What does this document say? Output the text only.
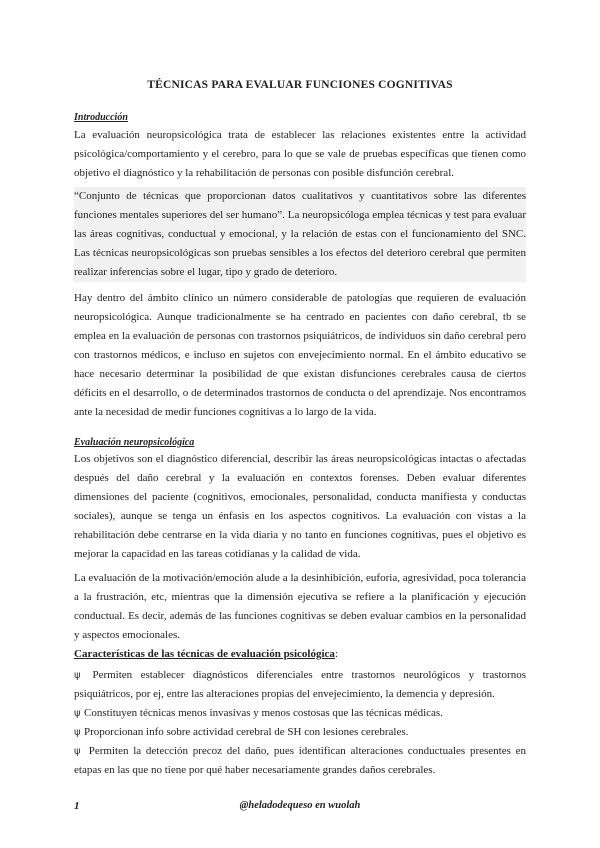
TÉCNICAS PARA EVALUAR FUNCIONES COGNITIVAS

Introducción

La evaluación neuropsicológica trata de establecer las relaciones existentes entre la actividad psicológica/comportamiento y el cerebro, para lo que se vale de pruebas específicas que tienen como objetivo el diagnóstico y la rehabilitación de personas con posible disfunción cerebral.

“Conjunto de técnicas que proporcionan datos cualitativos y cuantitativos sobre las diferentes funciones mentales superiores del ser humano”. La neuropsicóloga emplea técnicas y test para evaluar las áreas cognitivas, conductual y emocional, y la relación de estas con el funcionamiento del SNC. Las técnicas neuropsicológicas son pruebas sensibles a los efectos del deterioro cerebral que permiten realizar inferencias sobre el lugar, tipo y grado de deterioro.

Hay dentro del ámbito clínico un número considerable de patologías que requieren de evaluación neuropsicológica. Aunque tradicionalmente se ha centrado en pacientes con daño cerebral, tb se emplea en la evaluación de personas con trastornos psiquiátricos, de individuos sin daño cerebral pero con trastornos médicos, e incluso en sujetos con envejecimiento normal. En el ámbito educativo se hace necesario determinar la posibilidad de que existan disfunciones cerebrales causa de ciertos déficits en el desarrollo, o de determinados trastornos de conducta o del aprendizaje. Nos encontramos ante la necesidad de medir funciones cognitivas a lo largo de la vida.

Evaluación neuropsicológica

Los objetivos son el diagnóstico diferencial, describir las áreas neuropsicológicas intactas o afectadas después del daño cerebral y la evaluación en contextos forenses. Deben evaluar diferentes dimensiones del paciente (cognitivos, emocionales, personalidad, conducta manifiesta y conductas sociales), aunque se tenga un énfasis en los aspectos cognitivos. La evaluación con vistas a la rehabilitación debe centrarse en la vida diaria y no tanto en funciones cognitivas, pues el objetivo es mejorar la capacidad en las tareas cotidianas y la calidad de vida.

La evaluación de la motivación/emoción alude a la desinhibición, euforia, agresividad, poca tolerancia a la frustración, etc, mientras que la dimensión ejecutiva se refiere a la planificación y ejecución conductual. Es decir, además de las funciones cognitivas se deben evaluar cambios en la personalidad y aspectos emocionales.

Características de las técnicas de evaluación psicológica:

ψ Permiten establecer diagnósticos diferenciales entre trastornos neurológicos y trastornos psiquiátricos, por ej, entre las alteraciones propias del envejecimiento, la demencia y depresión.
ψ Constituyen técnicas menos invasivas y menos costosas que las técnicas médicas.
ψ Proporcionan info sobre actividad cerebral de SH con lesiones cerebrales.
ψ Permiten la detección precoz del daño, pues identifican alteraciones conductuales presentes en etapas en las que no tiene por qué haber necesariamente grandes daños cerebrales.

1	@heladodequeso en wuolah
